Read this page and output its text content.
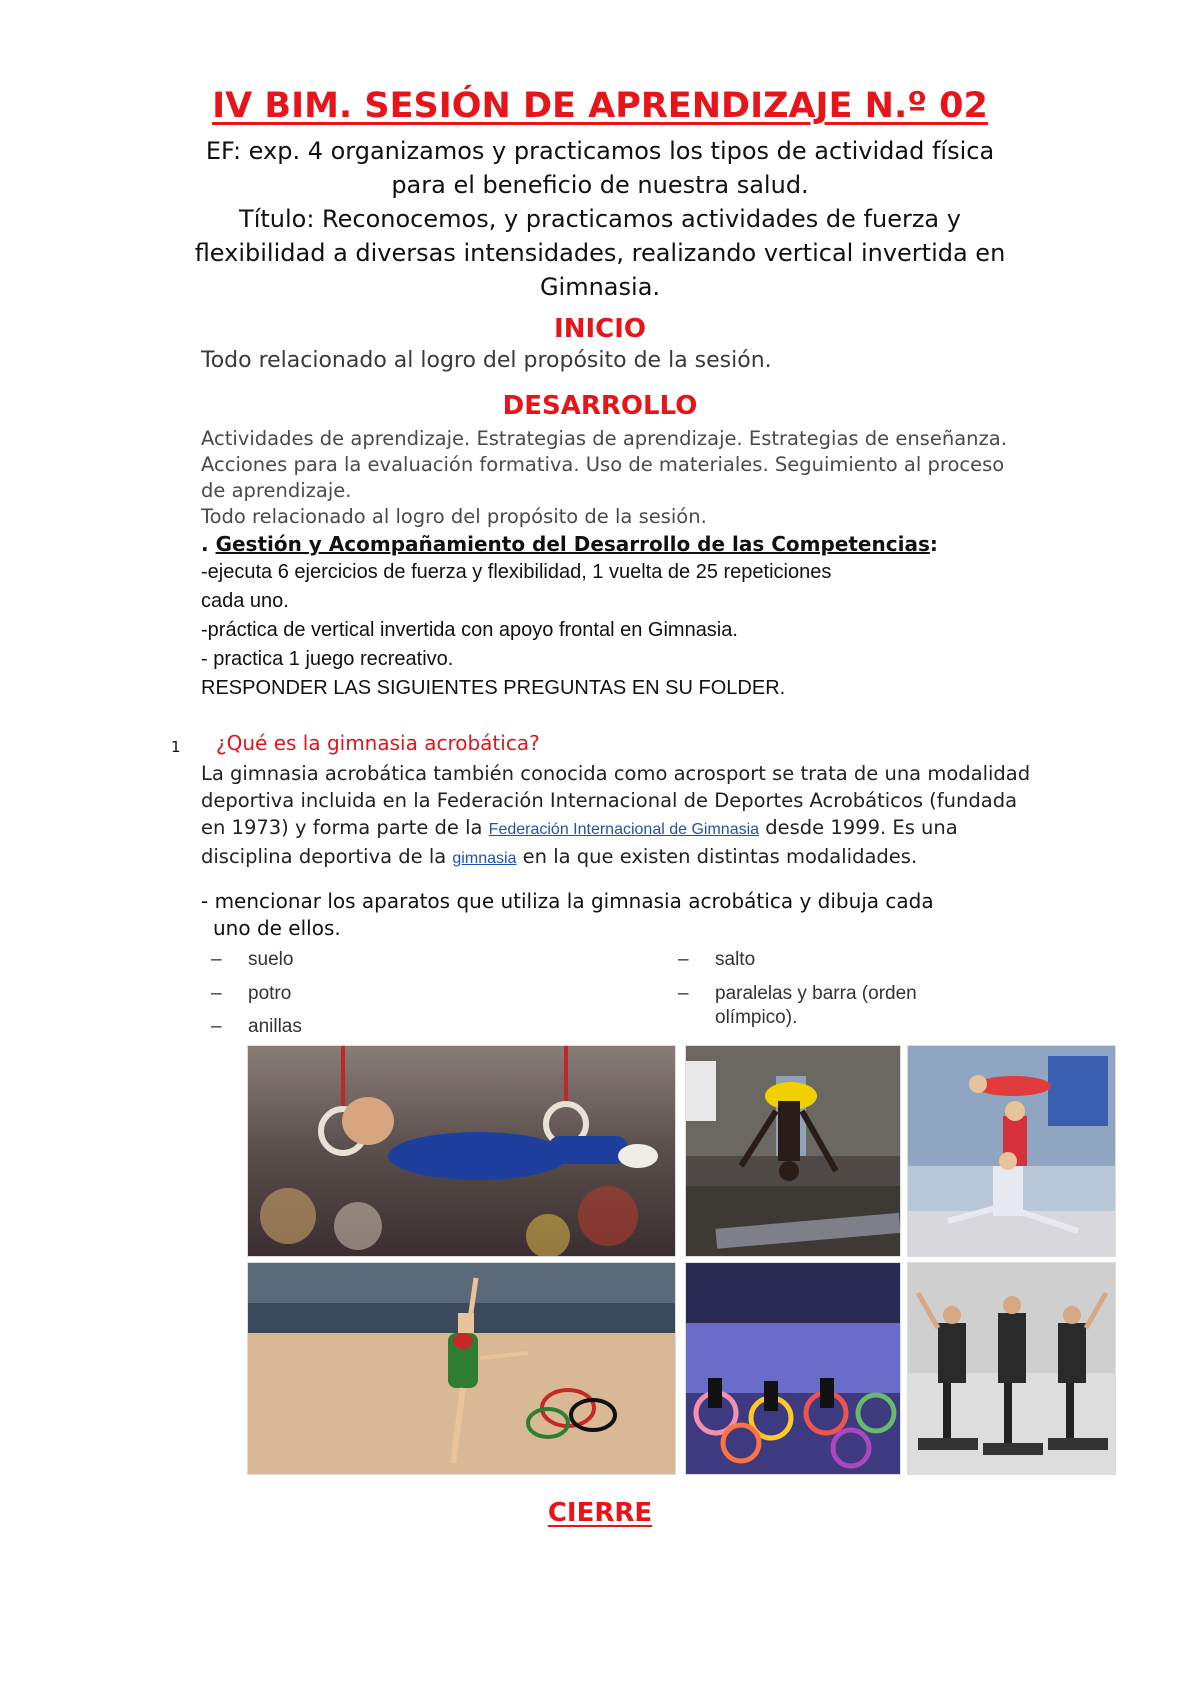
IV BIM. SESIÓN DE APRENDIZAJE N.º 02
EF: exp. 4 organizamos y practicamos los tipos de actividad física
para el beneficio de nuestra salud.
Título: Reconocemos, y practicamos actividades de fuerza y
flexibilidad a diversas intensidades, realizando vertical invertida en
Gimnasia.
INICIO
Todo relacionado al logro del propósito de la sesión.
DESARROLLO

Actividades de aprendizaje. Estrategias de aprendizaje. Estrategias de enseñanza.

Acciones para la evaluación formativa. Uso de materiales. Seguimiento al proceso

de aprendizaje.

Todo relacionado al logro del propósito de la sesión.

. Gestión y Acompañamiento del Desarrollo de las Competencias:

-ejecuta 6 ejercicios de fuerza y flexibilidad, 1 vuelta de 25 repeticiones

cada uno.

-práctica de vertical invertida con apoyo frontal en Gimnasia.

- practica 1 juego recreativo.

RESPONDER LAS SIGUIENTES PREGUNTAS EN SU FOLDER.

1 ¿Qué es la gimnasia acrobática?

La gimnasia acrobática también conocida como acrosport se trata de una modalidad

deportiva incluida en la Federación Internacional de Deportes Acrobáticos (fundada

en 1973) y forma parte de la Federación Internacional de Gimnasia desde 1999. Es una

disciplina deportiva de la gimnasia en la que existen distintas modalidades.

- mencionar los aparatos que utiliza la gimnasia acrobática y dibuja cada

uno de ellos.

– suelo
– potro
– anillas
– salto
– paralelas y barra (orden olímpico).
CIERRE
